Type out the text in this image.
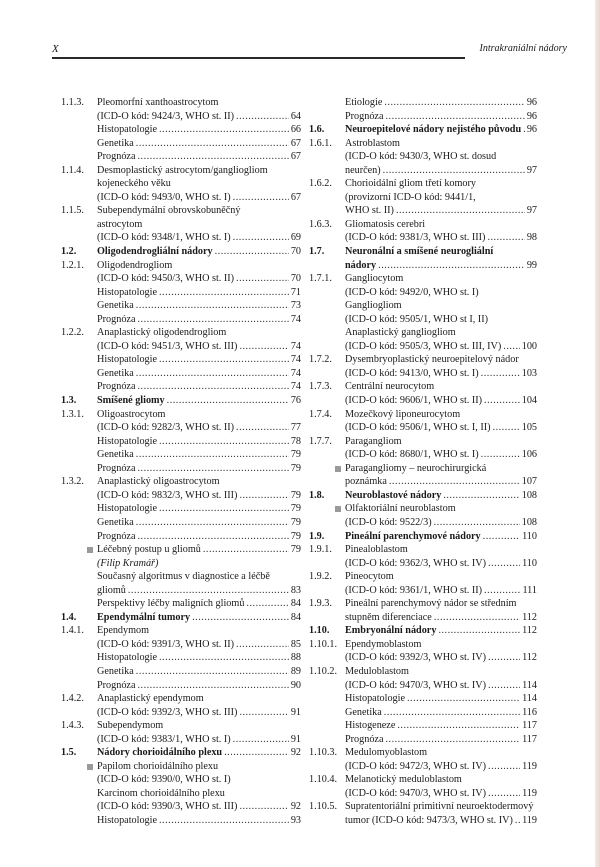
X	Intrakraniální nádory
1.1.3. Pleomorfní xanthoastrocytom
(ICD-O kód: 9424/3, WHO st. II) .....	64
Histopatologie .....	66
Genetika .....	67
Prognóza .....	67
1.1.4. Desmoplastický astrocytom/gangliogliom
kojeneckého věku
(ICD-O kód: 9493/0, WHO st. I) .....	67
1.1.5. Subependymální obrovskobuněčný
astrocytom
(ICD-O kód: 9348/1, WHO st. I) .....	69
1.2. Oligodendrogliální nádory .....	70
1.2.1. Oligodendrogliom
(ICD-O kód: 9450/3, WHO st. II) .....	70
Histopatologie .....	71
Genetika .....	73
Prognóza .....	74
1.2.2. Anaplastický oligodendrogliom
(ICD-O kód: 9451/3, WHO st. III) .....	74
Histopatologie .....	74
Genetika .....	74
Prognóza .....	74
1.3. Smíšené gliomy .....	76
1.3.1. Oligoastrocytom
(ICD-O kód: 9282/3, WHO st. II) .....	77
Histopatologie .....	78
Genetika .....	79
Prognóza .....	79
1.3.2. Anaplastický oligoastrocytom
(ICD-O kód: 9832/3, WHO st. III) .....	79
Histopatologie .....	79
Genetika .....	79
Prognóza .....	79
Léčebný postup u gliomů .....	79
(Filip Kramář)
Současný algoritmus v diagnostice a léčbě
gliomů .....	83
Perspektivy léčby maligních gliomů .....	84
1.4. Ependymální tumory .....	84
1.4.1. Ependymom
(ICD-O kód: 9391/3, WHO st. II) .....	85
Histopatologie .....	88
Genetika .....	89
Prognóza .....	90
1.4.2. Anaplastický ependymom
(ICD-O kód: 9392/3, WHO st. III) .....	91
1.4.3. Subependymom
(ICD-O kód: 9383/1, WHO st. I) .....	91
1.5. Nádory chorioidálního plexu .....	92
Papilom chorioidálního plexu
(ICD-O kód: 9390/0, WHO st. I)
Karcinom chorioidálního plexu
(ICD-O kód: 9390/3, WHO st. III) .....	92
Histopatologie .....	93
Etiologie .....	96
Prognóza .....	96
1.6. Neuroepitelové nádory nejistého původu ..... 96
1.6.1. Astroblastom
(ICD-O kód: 9430/3, WHO st. dosud
neurčen) .....	97
1.6.2. Chorioidální gliom třetí komory
(provizorní ICD-O kód: 9441/1,
WHO st. II) .....	97
1.6.3. Gliomatosis cerebri
(ICD-O kód: 9381/3, WHO st. III) .....	98
1.7. Neuronální a smíšené neurogliální
nádory .....	99
1.7.1. Gangliocytom
(ICD-O kód: 9492/0, WHO st. I)
Gangliogliom
(ICD-O kód: 9505/1, WHO st I, II)
Anaplastický gangliogliom
(ICD-O kód: 9505/3, WHO st. III, IV) ..... 100
1.7.2. Dysembryoplastický neuroepitelový nádor
(ICD-O kód: 9413/0, WHO st. I) .....	103
1.7.3. Centrální neurocytom
(ICD-O kód: 9606/1, WHO st. II) .....	104
1.7.4. Mozečkový liponeurocytom
(ICD-O kód: 9506/1, WHO st. I, II) .....	105
1.7.7. Paragangliom
(ICD-O kód: 8680/1, WHO st. I) .....	106
Paragangliomy – neurochirurgická
poznámka .....	107
1.8. Neuroblastové nádory .....	108
Olfaktoriální neuroblastom
(ICD-O kód: 9522/3) .....	108
1.9. Pineální parenchymové nádory .....	110
1.9.1. Pinealoblastom
(ICD-O kód: 9362/3, WHO st. IV) .....	110
1.9.2. Pineocytom
(ICD-O kód: 9361/1, WHO st. II) .....	111
1.9.3. Pineální parenchymový nádor se středním
stupněm diferenciace .....	112
1.10. Embryonální nádory .....	112
1.10.1. Ependymoblastom
(ICD-O kód: 9392/3, WHO st. IV) .....	112
1.10.2. Meduloblastom
(ICD-O kód: 9470/3, WHO st. IV) .....	114
Histopatologie .....	114
Genetika .....	116
Histogeneze .....	117
Prognóza .....	117
1.10.3. Medulomyoblastom
(ICD-O kód: 9472/3, WHO st. IV) .....	119
1.10.4. Melanotický meduloblastom
(ICD-O kód: 9470/3, WHO st. IV) .....	119
1.10.5. Supratentoriální primitivní neuroektodermový
tumor (ICD-O kód: 9473/3, WHO st. IV) ..... 119
